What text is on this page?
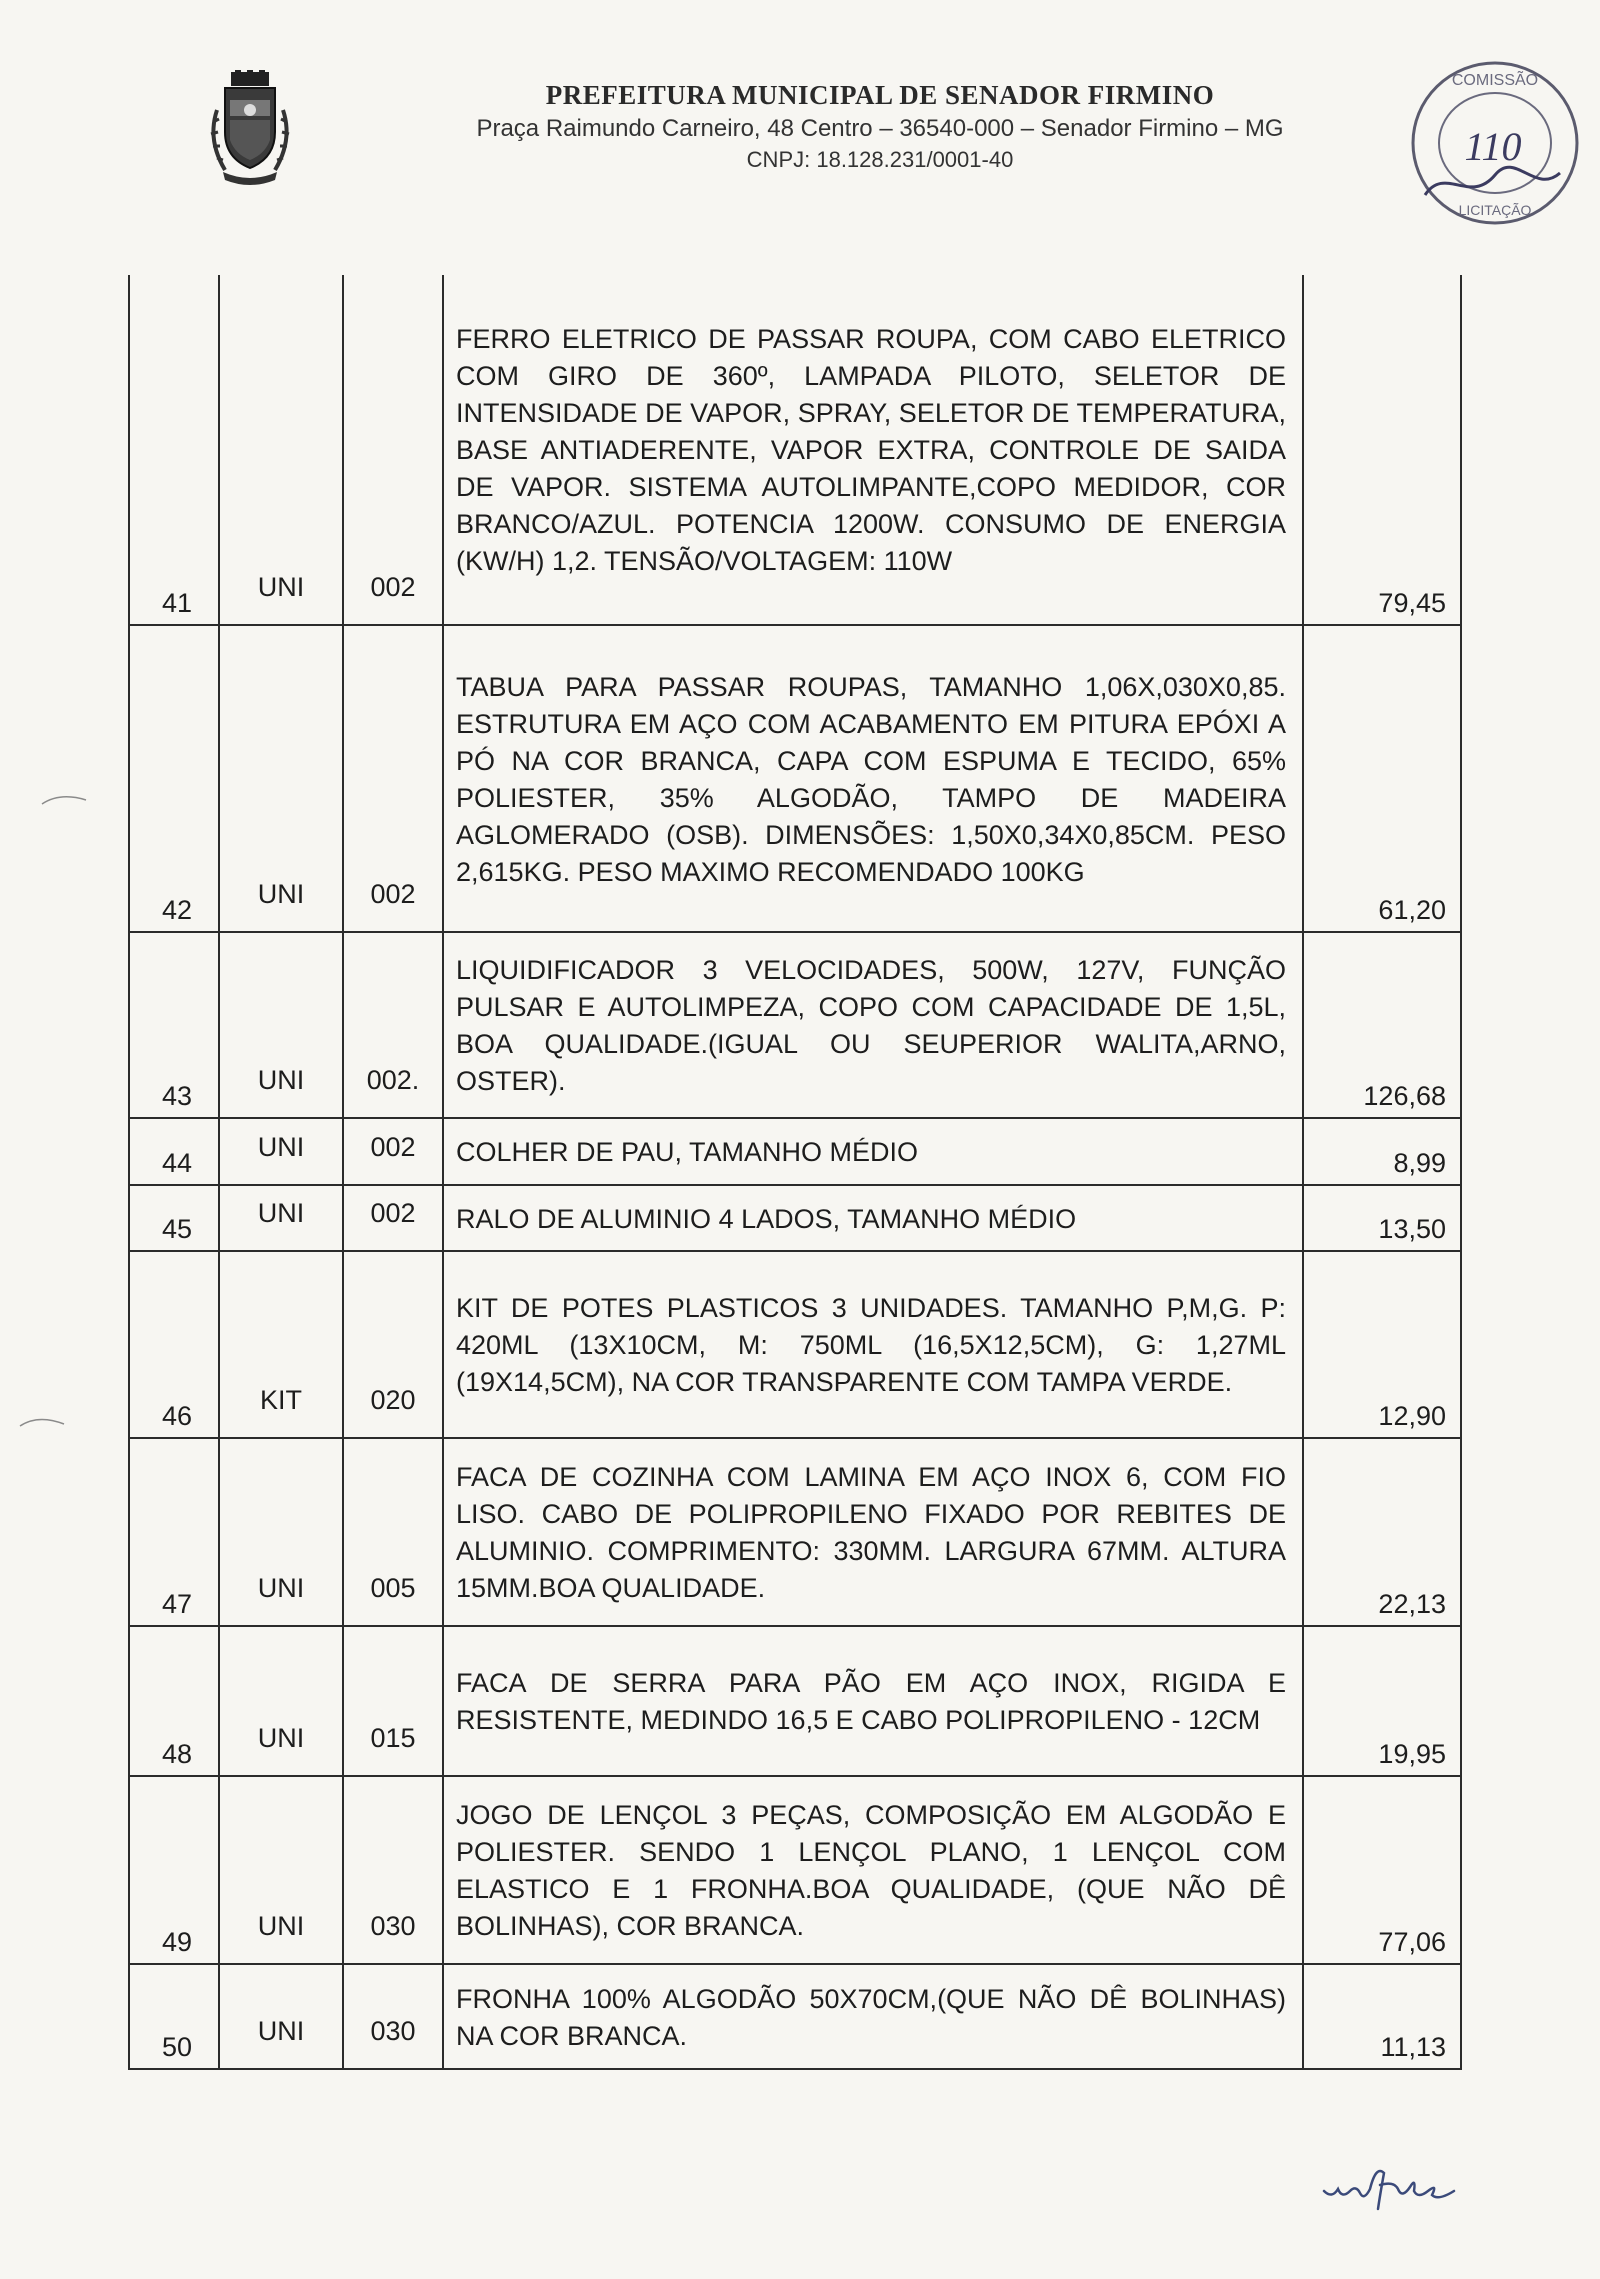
PREFEITURA MUNICIPAL DE SENADOR FIRMINO
Praça Raimundo Carneiro, 48 Centro – 36540-000 – Senador Firmino – MG
CNPJ: 18.128.231/0001-40
COMISSÃO
110
LICITAÇÃO
41	UNI	002	FERRO ELETRICO DE PASSAR ROUPA, COM CABO ELETRICO COM GIRO DE 360º, LAMPADA PILOTO, SELETOR DE INTENSIDADE DE VAPOR, SPRAY, SELETOR DE TEMPERATURA, BASE ANTIADERENTE, VAPOR EXTRA, CONTROLE DE SAIDA DE VAPOR. SISTEMA AUTOLIMPANTE,COPO MEDIDOR, COR BRANCO/AZUL. POTENCIA 1200W. CONSUMO DE ENERGIA (KW/H) 1,2. TENSÃO/VOLTAGEM: 110W	79,45

42	UNI	002	TABUA PARA PASSAR ROUPAS, TAMANHO 1,06X,030X0,85. ESTRUTURA EM AÇO COM ACABAMENTO EM PITURA EPÓXI A PÓ NA COR BRANCA, CAPA COM ESPUMA E TECIDO, 65% POLIESTER, 35% ALGODÃO, TAMPO DE MADEIRA AGLOMERADO (OSB). DIMENSÕES: 1,50X0,34X0,85CM. PESO 2,615KG. PESO MAXIMO RECOMENDADO 100KG	61,20

43	UNI	002.	LIQUIDIFICADOR 3 VELOCIDADES, 500W, 127V, FUNÇÃO PULSAR E AUTOLIMPEZA, COPO COM CAPACIDADE DE 1,5L, BOA QUALIDADE.(IGUAL OU SEUPERIOR WALITA,ARNO, OSTER).	126,68

44	UNI	002	COLHER DE PAU, TAMANHO MÉDIO	8,99

45	UNI	002	RALO DE ALUMINIO 4 LADOS, TAMANHO MÉDIO	13,50

46	KIT	020	KIT DE POTES PLASTICOS 3 UNIDADES. TAMANHO P,M,G. P: 420ML (13X10CM, M: 750ML (16,5X12,5CM), G: 1,27ML (19X14,5CM), NA COR TRANSPARENTE COM TAMPA VERDE.	12,90

47	UNI	005	FACA DE COZINHA COM LAMINA EM AÇO INOX 6, COM FIO LISO. CABO DE POLIPROPILENO FIXADO POR REBITES DE ALUMINIO. COMPRIMENTO: 330MM. LARGURA 67MM. ALTURA 15MM.BOA QUALIDADE.	22,13

48	UNI	015	FACA DE SERRA PARA PÃO EM AÇO INOX, RIGIDA E RESISTENTE, MEDINDO 16,5 E CABO POLIPROPILENO - 12CM	19,95

49	UNI	030	JOGO DE LENÇOL 3 PEÇAS, COMPOSIÇÃO EM ALGODÃO E POLIESTER. SENDO 1 LENÇOL PLANO, 1 LENÇOL COM ELASTICO E 1 FRONHA.BOA QUALIDADE, (QUE NÃO DÊ BOLINHAS), COR BRANCA.	77,06

50	UNI	030	FRONHA 100% ALGODÃO 50X70CM,(QUE NÃO DÊ BOLINHAS) NA COR BRANCA.	11,13
